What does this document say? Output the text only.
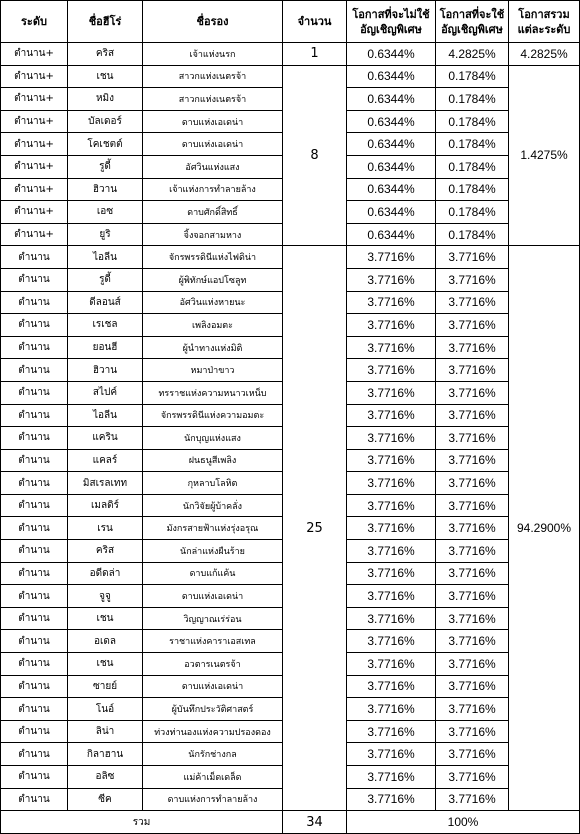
ระดับ	ชื่อฮีโร่	ชื่อรอง	จำนวน	โอกาสที่จะไม่ใช้อัญเชิญพิเศษ	โอกาสที่จะใช้อัญเชิญพิเศษ	โอกาสรวมแต่ละระดับ
ตำนาน+	คริส	เจ้าแห่งนรก	1	0.6344%	4.2825%	4.2825%
ตำนาน+	เชน	สาวกแห่งเนตรจ้า	8	0.6344%	0.1784%	1.4275%
ตำนาน+	หมิง	สาวกแห่งเนตรจ้า		0.6344%	0.1784%	
ตำนาน+	บัลเดอร์	ดาบแห่งเอเดน่า		0.6344%	0.1784%	
ตำนาน+	โคเชตต์	ดาบแห่งเอเดน่า		0.6344%	0.1784%	
ตำนาน+	รูดี้	อัศวินแห่งแสง		0.6344%	0.1784%	
ตำนาน+	ฮิวาน	เจ้าแห่งการทำลายล้าง		0.6344%	0.1784%	
ตำนาน+	เอซ	ดาบศักดิ์สิทธิ์		0.6344%	0.1784%	
ตำนาน+	ยูริ	จิ้งจอกสามหาง		0.6344%	0.1784%	
ตำนาน	ไอลีน	จักรพรรดินีแห่งไฟดิน่า	25	3.7716%	3.7716%	94.2900%
ตำนาน	รูดี้	ผู้พิทักษ์แอปโซลูท		3.7716%	3.7716%	
ตำนาน	ดีลอนส์	อัศวินแห่งหายนะ		3.7716%	3.7716%	
ตำนาน	เรเชล	เพลิงอมตะ		3.7716%	3.7716%	
ตำนาน	ยอนฮี	ผู้นำทางแห่งมิติ		3.7716%	3.7716%	
ตำนาน	ฮิวาน	หมาป่าขาว		3.7716%	3.7716%	
ตำนาน	สไปค์	ทรราชแห่งความหนาวเหน็บ		3.7716%	3.7716%	
ตำนาน	ไอลีน	จักรพรรดินีแห่งความอมตะ		3.7716%	3.7716%	
ตำนาน	แคริน	นักบุญแห่งแสง		3.7716%	3.7716%	
ตำนาน	แคลร์	ฝนธนูสีเพลิง		3.7716%	3.7716%	
ตำนาน	มิสเรลเทท	กุหลาบโลหิต		3.7716%	3.7716%	
ตำนาน	เมลดิร์	นักวิจัยผู้บ้าคลั่ง		3.7716%	3.7716%	
ตำนาน	เรน	มังกรสายฟ้าแห่งรุ่งอรุณ		3.7716%	3.7716%	
ตำนาน	คริส	นักล่าแห่งผืนร้าย		3.7716%	3.7716%	
ตำนาน	อดีดล่า	ดาบแก้แค้น		3.7716%	3.7716%	
ตำนาน	จูจู	ดาบแห่งเอเดน่า		3.7716%	3.7716%	
ตำนาน	เชน	วิญญาณเร่ร่อน		3.7716%	3.7716%	
ตำนาน	อเดล	ราชาแห่งคาราเอสเทล		3.7716%	3.7716%	
ตำนาน	เชน	อวตารเนตรจ้า		3.7716%	3.7716%	
ตำนาน	ซายย์	ดาบแห่งเอเดน่า		3.7716%	3.7716%	
ตำนาน	โนอ์	ผู้บันทึกประวัติศาสตร์		3.7716%	3.7716%	
ตำนาน	ลิน่า	ท่วงท่านองแห่งความปรองดอง		3.7716%	3.7716%	
ตำนาน	กิลาฮาน	นักรักช่างกล		3.7716%	3.7716%	
ตำนาน	อลิซ	แม่ค้าเม็ดเดล็ด		3.7716%	3.7716%	
ตำนาน	ซีค	ดาบแห่งการทำลายล้าง		3.7716%	3.7716%	
รวม			34	100%		
